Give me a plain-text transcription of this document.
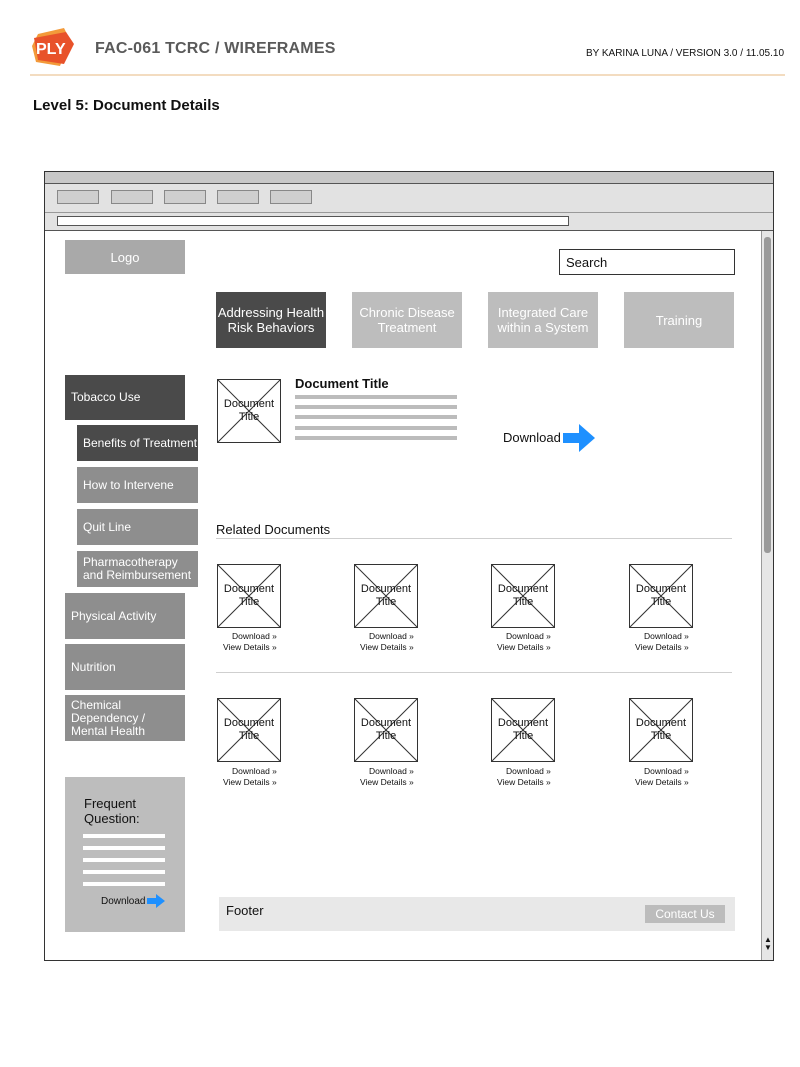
PLY FAC-061 TCRC / WIREFRAMES	BY KARINA LUNA / VERSION 3.0 / 11.05.10
Level 5: Document Details
▲
▼
Logo	Search
Addressing Health Risk Behaviors
Chronic Disease Treatment
Integrated Care within a System	Training
Tobacco Use
Benefits of Treatment
How to Intervene
Quit Line
Pharmacotherapy and Reimbursement
Physical Activity
Nutrition
Chemical Dependency / Mental Health
Frequent Question:
Download
Document Title
Document Title
Download
Related Documents
Document Title
Download »
View Details »
Document Title
Download »
View Details »
Document Title
Download »
View Details »
Document Title
Download »
View Details »
Document Title
Download »
View Details »
Document Title
Download »
View Details »
Document Title
Download »
View Details »
Document Title
Download »
View Details »
Footer	Contact Us
